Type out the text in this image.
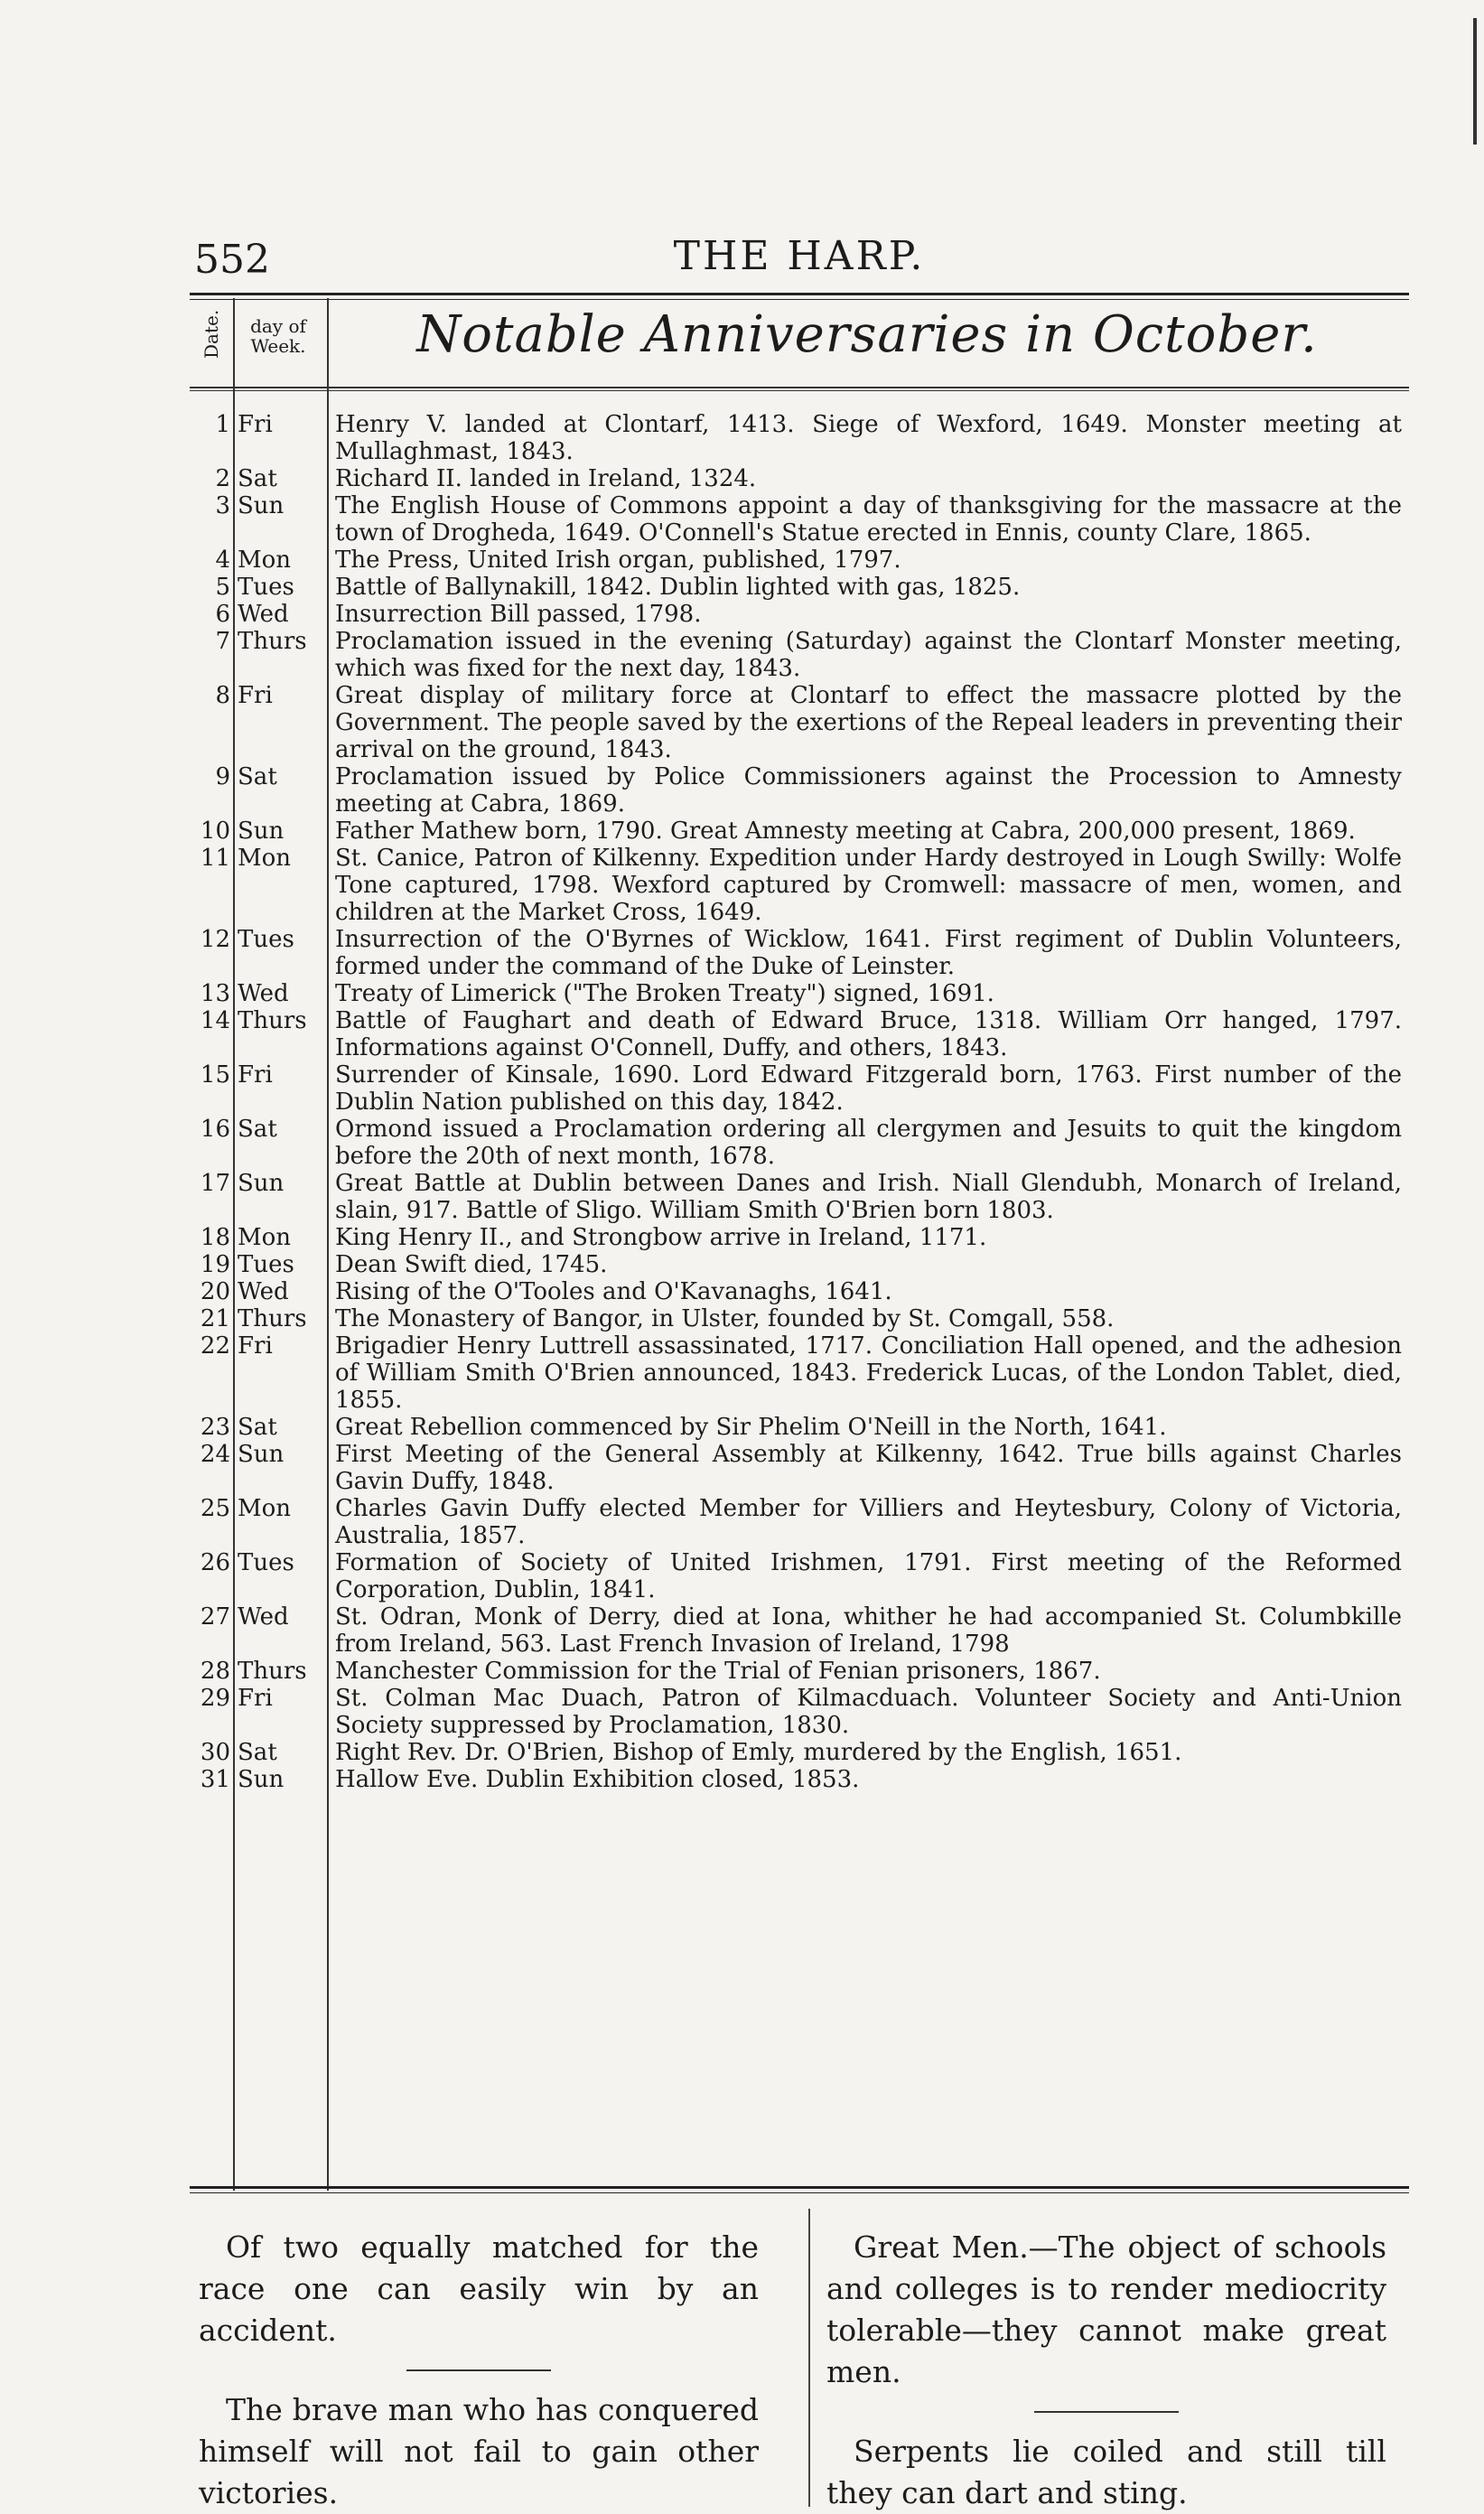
552	THE HARP.
Date.	day of Week.	Notable Anniversaries in October.
1 Fri	Henry V. landed at Clontarf, 1413. Siege of Wexford, 1649. Monster meeting at Mullaghmast, 1843.
2 Sat	Richard II. landed in Ireland, 1324.
3 Sun	The English House of Commons appoint a day of thanksgiving for the massacre at the town of Drogheda, 1649. O'Connell's Statue erected in Ennis, county Clare, 1865.
4 Mon	The Press, United Irish organ, published, 1797.
5 Tues	Battle of Ballynakill, 1842. Dublin lighted with gas, 1825.
6 Wed	Insurrection Bill passed, 1798.
7 Thurs	Proclamation issued in the evening (Saturday) against the Clontarf Monster meeting, which was fixed for the next day, 1843.
8 Fri	Great display of military force at Clontarf to effect the massacre plotted by the Government. The people saved by the exertions of the Repeal leaders in preventing their arrival on the ground, 1843.
9 Sat	Proclamation issued by Police Commissioners against the Procession to Amnesty meeting at Cabra, 1869.
10 Sun	Father Mathew born, 1790. Great Amnesty meeting at Cabra, 200,000 present, 1869.
11 Mon	St. Canice, Patron of Kilkenny. Expedition under Hardy destroyed in Lough Swilly: Wolfe Tone captured, 1798. Wexford captured by Cromwell: massacre of men, women, and children at the Market Cross, 1649.
12 Tues	Insurrection of the O'Byrnes of Wicklow, 1641. First regiment of Dublin Volunteers, formed under the command of the Duke of Leinster.
13 Wed	Treaty of Limerick ("The Broken Treaty") signed, 1691.
14 Thurs	Battle of Faughart and death of Edward Bruce, 1318. William Orr hanged, 1797. Informations against O'Connell, Duffy, and others, 1843.
15 Fri	Surrender of Kinsale, 1690. Lord Edward Fitzgerald born, 1763. First number of the Dublin Nation published on this day, 1842.
16 Sat	Ormond issued a Proclamation ordering all clergymen and Jesuits to quit the kingdom before the 20th of next month, 1678.
17 Sun	Great Battle at Dublin between Danes and Irish. Niall Glendubh, Monarch of Ireland, slain, 917. Battle of Sligo. William Smith O'Brien born 1803.
18 Mon	King Henry II., and Strongbow arrive in Ireland, 1171.
19 Tues	Dean Swift died, 1745.
20 Wed	Rising of the O'Tooles and O'Kavanaghs, 1641.
21 Thurs	The Monastery of Bangor, in Ulster, founded by St. Comgall, 558.
22 Fri	Brigadier Henry Luttrell assassinated, 1717. Conciliation Hall opened, and the adhesion of William Smith O'Brien announced, 1843. Frederick Lucas, of the London Tablet, died, 1855.
23 Sat	Great Rebellion commenced by Sir Phelim O'Neill in the North, 1641.
24 Sun	First Meeting of the General Assembly at Kilkenny, 1642. True bills against Charles Gavin Duffy, 1848.
25 Mon	Charles Gavin Duffy elected Member for Villiers and Heytesbury, Colony of Victoria, Australia, 1857.
26 Tues	Formation of Society of United Irishmen, 1791. First meeting of the Reformed Corporation, Dublin, 1841.
27 Wed	St. Odran, Monk of Derry, died at Iona, whither he had accompanied St. Columbkille from Ireland, 563. Last French Invasion of Ireland, 1798
28 Thurs	Manchester Commission for the Trial of Fenian prisoners, 1867.
29 Fri	St. Colman Mac Duach, Patron of Kilmacduach. Volunteer Society and Anti-Union Society suppressed by Proclamation, 1830.
30 Sat	Right Rev. Dr. O'Brien, Bishop of Emly, murdered by the English, 1651.
31 Sun	Hallow Eve. Dublin Exhibition closed, 1853.

Of two equally matched for the race one can easily win by an accident.

The brave man who has conquered himself will not fail to gain other victories.

Great Men.—The object of schools and colleges is to render mediocrity tolerable—they cannot make great men.

Serpents lie coiled and still till they can dart and sting.
